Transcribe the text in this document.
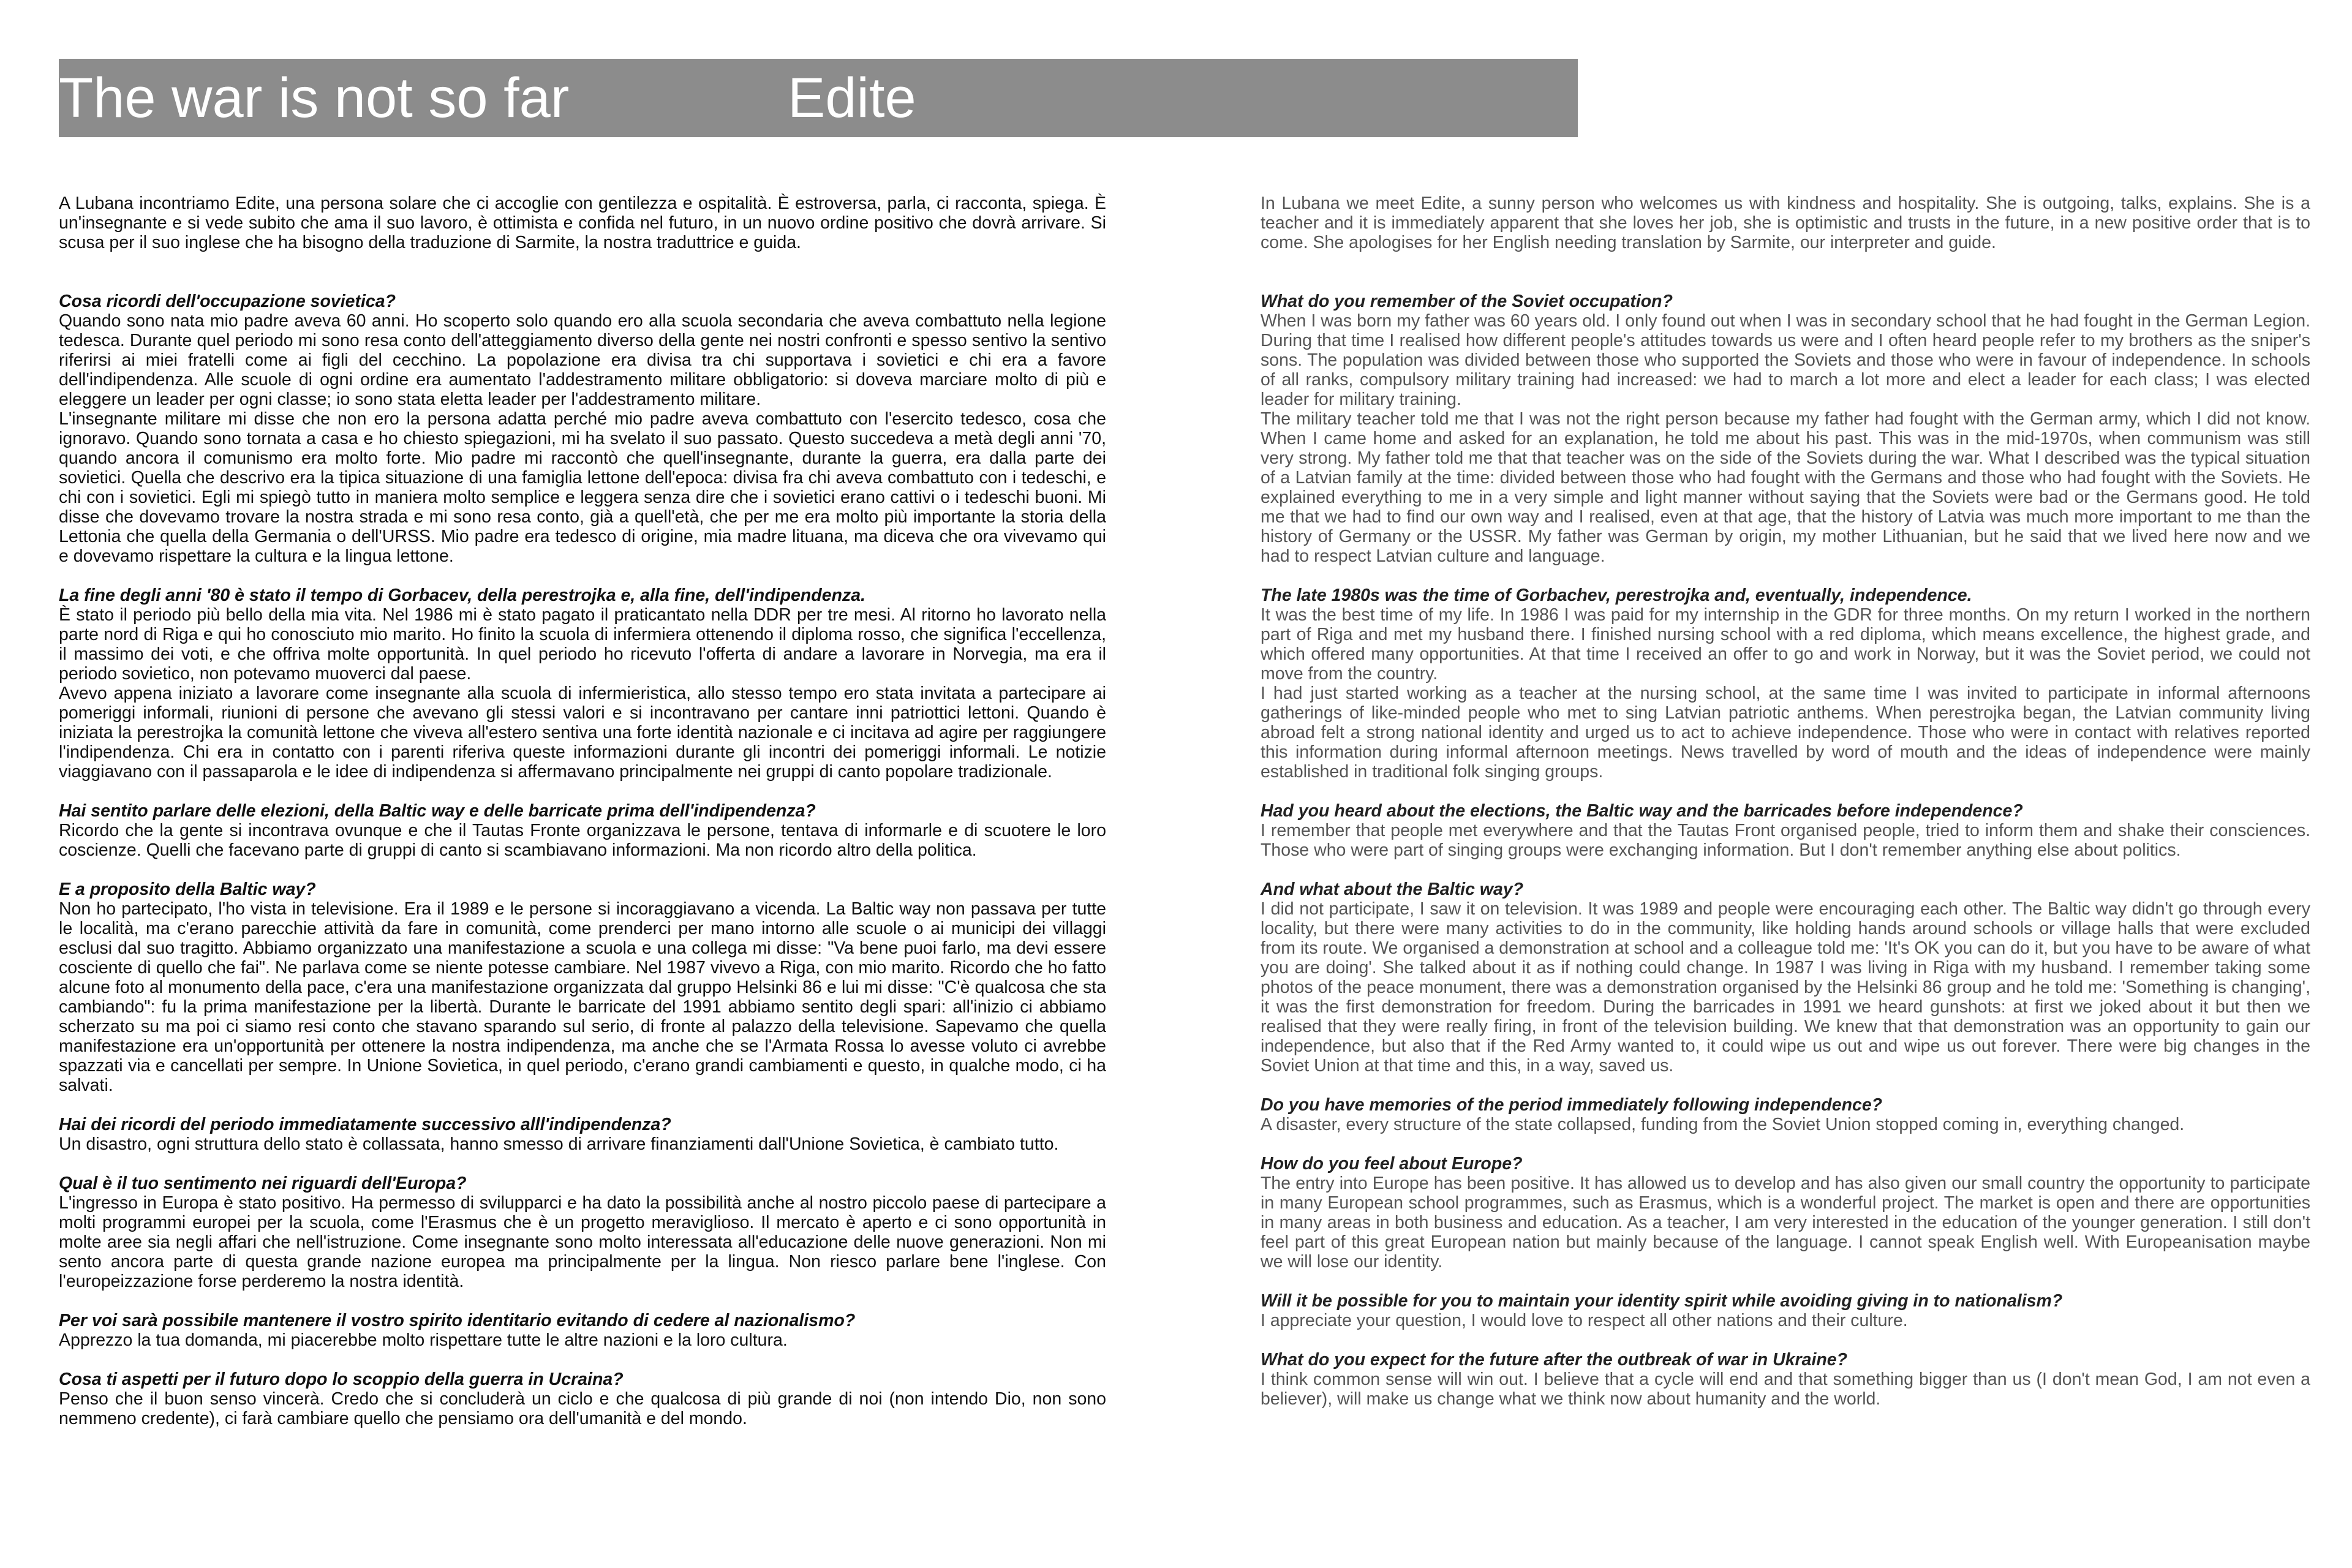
The war is not so far	Edite

A Lubana incontriamo Edite, una persona solare che ci accoglie con gentilezza e ospitalità. È estroversa, parla, ci racconta, spiega. È un'insegnante e si vede subito che ama il suo lavoro, è ottimista e confida nel futuro, in un nuovo ordine positivo che dovrà arrivare. Si scusa per il suo inglese che ha bisogno della traduzione di Sarmite, la nostra traduttrice e guida.

Cosa ricordi dell'occupazione sovietica?

Quando sono nata mio padre aveva 60 anni. Ho scoperto solo quando ero alla scuola secondaria che aveva combattuto nella legione tedesca. Durante quel periodo mi sono resa conto dell'atteggiamento diverso della gente nei nostri confronti e spesso sentivo la sentivo riferirsi ai miei fratelli come ai figli del cecchino. La popolazione era divisa tra chi supportava i sovietici e chi era a favore dell'indipendenza. Alle scuole di ogni ordine era aumentato l'addestramento militare obbligatorio: si doveva marciare molto di più e eleggere un leader per ogni classe; io sono stata eletta leader per l'addestramento militare.
L'insegnante militare mi disse che non ero la persona adatta perché mio padre aveva combattuto con l'esercito tedesco, cosa che ignoravo. Quando sono tornata a casa e ho chiesto spiegazioni, mi ha svelato il suo passato. Questo succedeva a metà degli anni '70, quando ancora il comunismo era molto forte. Mio padre mi raccontò che quell'insegnante, durante la guerra, era dalla parte dei sovietici. Quella che descrivo era la tipica situazione di una famiglia lettone dell'epoca: divisa fra chi aveva combattuto con i tedeschi, e chi con i sovietici. Egli mi spiegò tutto in maniera molto semplice e leggera senza dire che i sovietici erano cattivi o i tedeschi buoni. Mi disse che dovevamo trovare la nostra strada e mi sono resa conto, già a quell'età, che per me era molto più importante la storia della Lettonia che quella della Germania o dell'URSS. Mio padre era tedesco di origine, mia madre lituana, ma diceva che ora vivevamo qui e dovevamo rispettare la cultura e la lingua lettone.

La fine degli anni '80 è stato il tempo di Gorbacev, della perestrojka e, alla fine, dell'indipendenza.

È stato il periodo più bello della mia vita. Nel 1986 mi è stato pagato il praticantato nella DDR per tre mesi. Al ritorno ho lavorato nella parte nord di Riga e qui ho conosciuto mio marito. Ho finito la scuola di infermiera ottenendo il diploma rosso, che significa l'eccellenza, il massimo dei voti, e che offriva molte opportunità. In quel periodo ho ricevuto l'offerta di andare a lavorare in Norvegia, ma era il periodo sovietico, non potevamo muoverci dal paese.
Avevo appena iniziato a lavorare come insegnante alla scuola di infermieristica, allo stesso tempo ero stata invitata a partecipare ai pomeriggi informali, riunioni di persone che avevano gli stessi valori e si incontravano per cantare inni patriottici lettoni. Quando è iniziata la perestrojka la comunità lettone che viveva all'estero sentiva una forte identità nazionale e ci incitava ad agire per raggiungere l'indipendenza. Chi era in contatto con i parenti riferiva queste informazioni durante gli incontri dei pomeriggi informali. Le notizie viaggiavano con il passaparola e le idee di indipendenza si affermavano principalmente nei gruppi di canto popolare tradizionale.

Hai sentito parlare delle elezioni, della Baltic way e delle barricate prima dell'indipendenza?

Ricordo che la gente si incontrava ovunque e che il Tautas Fronte organizzava le persone, tentava di informarle e di scuotere le loro coscienze. Quelli che facevano parte di gruppi di canto si scambiavano informazioni. Ma non ricordo altro della politica.

E a proposito della Baltic way?

Non ho partecipato, l'ho vista in televisione. Era il 1989 e le persone si incoraggiavano a vicenda. La Baltic way non passava per tutte le località, ma c'erano parecchie attività da fare in comunità, come prenderci per mano intorno alle scuole o ai municipi dei villaggi esclusi dal suo tragitto. Abbiamo organizzato una manifestazione a scuola e una collega mi disse: "Va bene puoi farlo, ma devi essere cosciente di quello che fai". Ne parlava come se niente potesse cambiare. Nel 1987 vivevo a Riga, con mio marito. Ricordo che ho fatto alcune foto al monumento della pace, c'era una manifestazione organizzata dal gruppo Helsinki 86 e lui mi disse: "C'è qualcosa che sta cambiando": fu la prima manifestazione per la libertà. Durante le barricate del 1991 abbiamo sentito degli spari: all'inizio ci abbiamo scherzato su ma poi ci siamo resi conto che stavano sparando sul serio, di fronte al palazzo della televisione. Sapevamo che quella manifestazione era un'opportunità per ottenere la nostra indipendenza, ma anche che se l'Armata Rossa lo avesse voluto ci avrebbe spazzati via e cancellati per sempre. In Unione Sovietica, in quel periodo, c'erano grandi cambiamenti e questo, in qualche modo, ci ha salvati.

Hai dei ricordi del periodo immediatamente successivo alll'indipendenza?

Un disastro, ogni struttura dello stato è collassata, hanno smesso di arrivare finanziamenti dall'Unione Sovietica, è cambiato tutto.

Qual è il tuo sentimento nei riguardi dell'Europa?

L'ingresso in Europa è stato positivo. Ha permesso di svilupparci e ha dato la possibilità anche al nostro piccolo paese di partecipare a molti programmi europei per la scuola, come l'Erasmus che è un progetto meraviglioso. Il mercato è aperto e ci sono opportunità in molte aree sia negli affari che nell'istruzione. Come insegnante sono molto interessata all'educazione delle nuove generazioni. Non mi sento ancora parte di questa grande nazione europea ma principalmente per la lingua. Non riesco parlare bene l'inglese. Con l'europeizzazione forse perderemo la nostra identità.

Per voi sarà possibile mantenere il vostro spirito identitario evitando di cedere al nazionalismo?

Apprezzo la tua domanda, mi piacerebbe molto rispettare tutte le altre nazioni e la loro cultura.

Cosa ti aspetti per il futuro dopo lo scoppio della guerra in Ucraina?

Penso che il buon senso vincerà. Credo che si concluderà un ciclo e che qualcosa di più grande di noi (non intendo Dio, non sono nemmeno credente), ci farà cambiare quello che pensiamo ora dell'umanità e del mondo.

In Lubana we meet Edite, a sunny person who welcomes us with kindness and hospitality. She is outgoing, talks, explains. She is a teacher and it is immediately apparent that she loves her job, she is optimistic and trusts in the future, in a new positive order that is to come. She apologises for her English needing translation by Sarmite, our interpreter and guide.

What do you remember of the Soviet occupation?

When I was born my father was 60 years old. I only found out when I was in secondary school that he had fought in the German Legion. During that time I realised how different people's attitudes towards us were and I often heard people refer to my brothers as the sniper's sons. The population was divided between those who supported the Soviets and those who were in favour of independence. In schools of all ranks, compulsory military training had increased: we had to march a lot more and elect a leader for each class; I was elected leader for military training.
The military teacher told me that I was not the right person because my father had fought with the German army, which I did not know. When I came home and asked for an explanation, he told me about his past. This was in the mid-1970s, when communism was still very strong. My father told me that that teacher was on the side of the Soviets during the war. What I described was the typical situation of a Latvian family at the time: divided between those who had fought with the Germans and those who had fought with the Soviets. He explained everything to me in a very simple and light manner without saying that the Soviets were bad or the Germans good. He told me that we had to find our own way and I realised, even at that age, that the history of Latvia was much more important to me than the history of Germany or the USSR. My father was German by origin, my mother Lithuanian, but he said that we lived here now and we had to respect Latvian culture and language.

The late 1980s was the time of Gorbachev, perestrojka and, eventually, independence.

It was the best time of my life. In 1986 I was paid for my internship in the GDR for three months. On my return I worked in the northern part of Riga and met my husband there. I finished nursing school with a red diploma, which means excellence, the highest grade, and which offered many opportunities. At that time I received an offer to go and work in Norway, but it was the Soviet period, we could not move from the country.
I had just started working as a teacher at the nursing school, at the same time I was invited to participate in informal afternoons gatherings of like-minded people who met to sing Latvian patriotic anthems. When perestrojka began, the Latvian community living abroad felt a strong national identity and urged us to act to achieve independence. Those who were in contact with relatives reported this information during informal afternoon meetings. News travelled by word of mouth and the ideas of independence were mainly established in traditional folk singing groups.

Had you heard about the elections, the Baltic way and the barricades before independence?

I remember that people met everywhere and that the Tautas Front organised people, tried to inform them and shake their consciences. Those who were part of singing groups were exchanging information. But I don't remember anything else about politics.

And what about the Baltic way?

I did not participate, I saw it on television. It was 1989 and people were encouraging each other. The Baltic way didn't go through every locality, but there were many activities to do in the community, like holding hands around schools or village halls that were excluded from its route. We organised a demonstration at school and a colleague told me: 'It's OK you can do it, but you have to be aware of what you are doing'. She talked about it as if nothing could change. In 1987 I was living in Riga with my husband. I remember taking some photos of the peace monument, there was a demonstration organised by the Helsinki 86 group and he told me: 'Something is changing', it was the first demonstration for freedom. During the barricades in 1991 we heard gunshots: at first we joked about it but then we realised that they were really firing, in front of the television building. We knew that that demonstration was an opportunity to gain our independence, but also that if the Red Army wanted to, it could wipe us out and wipe us out forever. There were big changes in the Soviet Union at that time and this, in a way, saved us.

Do you have memories of the period immediately following independence?

A disaster, every structure of the state collapsed, funding from the Soviet Union stopped coming in, everything changed.

How do you feel about Europe?

The entry into Europe has been positive. It has allowed us to develop and has also given our small country the opportunity to participate in many European school programmes, such as Erasmus, which is a wonderful project. The market is open and there are opportunities in many areas in both business and education. As a teacher, I am very interested in the education of the younger generation. I still don't feel part of this great European nation but mainly because of the language. I cannot speak English well. With Europeanisation maybe we will lose our identity.

Will it be possible for you to maintain your identity spirit while avoiding giving in to nationalism?

I appreciate your question, I would love to respect all other nations and their culture.

What do you expect for the future after the outbreak of war in Ukraine?

I think common sense will win out. I believe that a cycle will end and that something bigger than us (I don't mean God, I am not even a believer), will make us change what we think now about humanity and the world.
